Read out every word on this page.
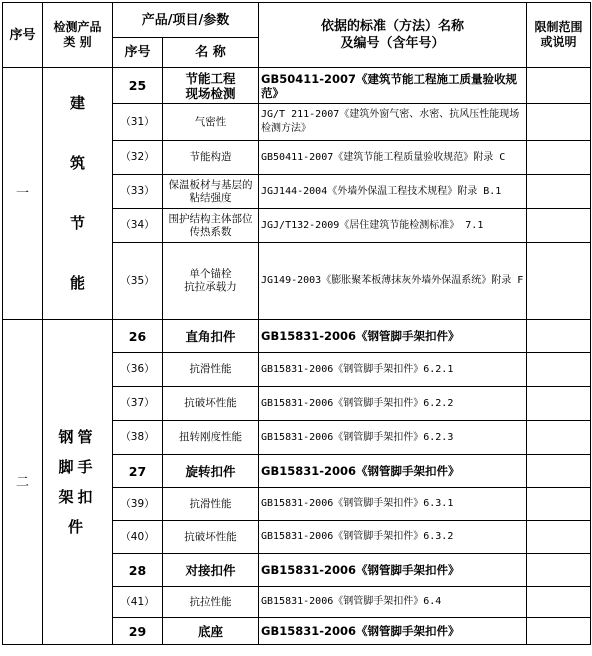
序号	检测产品
类 别	产品/项目/参数		依据的标准（方法）名称
及编号（含年号）	限制范围
或说明
		序号	名 称		
一	建
筑
节
能	25	节能工程
现场检测	GB50411-2007《建筑节能工程施工质量验收规范》	
		（31）	气密性	JG/T 211-2007《建筑外窗气密、水密、抗风压性能现场检测方法》	
		（32）	节能构造	GB50411-2007《建筑节能工程质量验收规范》附录 C	
		（33）	保温板材与基层的粘结强度	JGJ144-2004《外墙外保温工程技术规程》附录 B.1	
		（34）	围护结构主体部位传热系数	JGJ/T132-2009《居住建筑节能检测标准》 7.1	
		（35）	单个锚栓
抗拉承载力	JG149-2003《膨胀聚苯板薄抹灰外墙外保温系统》附录 F	
二	钢管
脚手
架扣
件	26	直角扣件	GB15831-2006《钢管脚手架扣件》	
		（36）	抗滑性能	GB15831-2006《钢管脚手架扣件》6.2.1	
		（37）	抗破坏性能	GB15831-2006《钢管脚手架扣件》6.2.2	
		（38）	扭转刚度性能	GB15831-2006《钢管脚手架扣件》6.2.3	
		27	旋转扣件	GB15831-2006《钢管脚手架扣件》	
		（39）	抗滑性能	GB15831-2006《钢管脚手架扣件》6.3.1	
		（40）	抗破坏性能	GB15831-2006《钢管脚手架扣件》6.3.2	
		28	对接扣件	GB15831-2006《钢管脚手架扣件》	
		（41）	抗拉性能	GB15831-2006《钢管脚手架扣件》6.4	
		29	底座	GB15831-2006《钢管脚手架扣件》	
